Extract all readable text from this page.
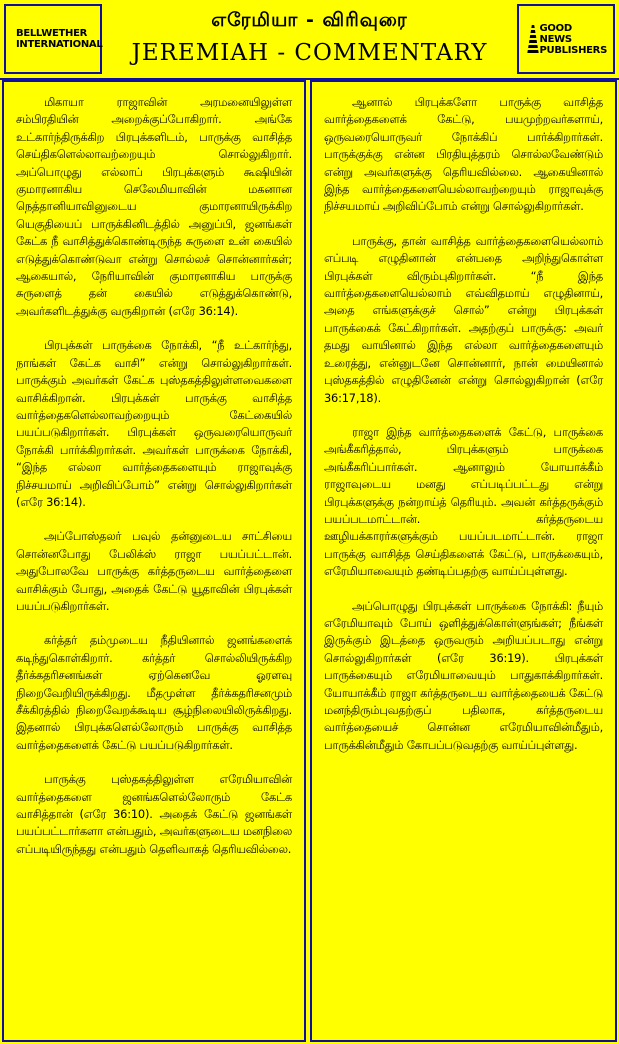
BELLWETHER
INTERNATIONAL
எரேமியா - விரிவுரை
JEREMIAH - COMMENTARY
GOOD NEWS
PUBLISHERS

மிகாயா ராஜாவின் அரமனையிலுள்ள சம்பிரதியின் அறைக்குப்போகிறார். அங்கே உட்கார்ந்திருக்கிற பிரபுக்களிடம், பாருக்கு வாசித்த செய்திகளெல்லாவற்றையும் சொல்லுகிறார். அப்பொழுது எல்லாப் பிரபுக்களும் கூஷியின் குமாரனாகிய செலேமியாவின் மகனான நெத்தானியாவினுடைய குமாரனாயிருக்கிற யெகுதியைப் பாருக்கினிடத்தில் அனுப்பி, ஜனங்கள் கேட்க நீ வாசித்துக்கொண்டிருந்த சுருளை உன் கையில் எடுத்துக்கொண்டுவா என்று சொல்லச் சொன்னார்கள்; ஆகையால், நேரியாவின் குமாரனாகிய பாருக்கு சுருளைத் தன் கையில் எடுத்துக்கொண்டு, அவர்களிடத்துக்கு வருகிறான் (எரே 36:14).

பிரபுக்கள் பாருக்கை நோக்கி, “நீ உட்கார்ந்து, நாங்கள் கேட்க வாசி” என்று சொல்லுகிறார்கள். பாருக்கும் அவர்கள் கேட்க புஸ்தகத்திலுள்ளவைகளை வாசிக்கிறான். பிரபுக்கள் பாருக்கு வாசித்த வார்த்தைகளெல்லாவற்றையும் கேட்கையில் பயப்படுகிறார்கள். பிரபுக்கள் ஒருவரையொருவர் நோக்கி பார்க்கிறார்கள். அவர்கள் பாருக்கை நோக்கி, “இந்த எல்லா வார்த்தைகளையும் ராஜாவுக்கு நிச்சயமாய் அறிவிப்போம்” என்று சொல்லுகிறார்கள் (எரே 36:14).

அப்போஸ்தலர் பவுல் தன்னுடைய சாட்சியை சொன்னபோது பேலிக்ஸ் ராஜா பயப்பட்டான். அதுபோலவே பாருக்கு கர்த்தருடைய வார்த்தைளை வாசிக்கும் போது, அதைக் கேட்டு யூதாவின் பிரபுக்கள் பயப்படுகிறார்கள்.

கர்த்தர் தம்முடைய நீதியினால் ஜனங்களைக் கடிந்துகொள்கிறார். கர்த்தர் சொல்லியிருக்கிற தீர்க்கதரிசனங்கள் ஏற்கெனவே ஓரளவு நிறைவேறியிருக்கிறது. மீதமுள்ள தீர்க்கதரிசனமும் சீக்கிரத்தில் நிறைவேறக்கூடிய சூழ்நிலையிலிருக்கிறது. இதனால் பிரபுக்களெல்லோரும் பாருக்கு வாசித்த வார்த்தைகளைக் கேட்டு பயப்படுகிறார்கள்.

பாருக்கு புஸ்தகத்திலுள்ள எரேமியாவின் வார்த்தைகளை ஜனங்களெல்லோரும் கேட்க வாசித்தான் (எரே 36:10). அதைக் கேட்டு ஜனங்கள் பயப்பட்டார்களா என்பதும், அவர்களுடைய மனநிலை எப்படியிருந்தது என்பதும் தெளிவாகத் தெரியவில்லை.

ஆனால் பிரபுக்களோ பாருக்கு வாசித்த வார்த்தைகளைக் கேட்டு, பயமுற்றவர்களாய், ஒருவரையொருவர் நோக்கிப் பார்க்கிறார்கள். பாருக்குக்கு என்ன பிரதியுத்தரம் சொல்லவேண்டும் என்று அவர்களுக்கு தெரியவில்லை. ஆகையினால் இந்த வார்த்தைகளையெல்லாவற்றையும் ராஜாவுக்கு நிச்சயமாய் அறிவிப்போம் என்று சொல்லுகிறார்கள்.

பாருக்கு, தான் வாசித்த வார்த்தைகளையெல்லாம் எப்படி எழுதினான் என்பதை அறிந்துகொள்ள பிரபுக்கள் விரும்புகிறார்கள். “நீ இந்த வார்த்தைகளையெல்லாம் எவ்விதமாய் எழுதினாய், அதை எங்களுக்குச் சொல்” என்று பிரபுக்கள் பாருக்கைக் கேட்கிறார்கள். அதற்குப் பாருக்கு: அவர் தமது வாயினால் இந்த எல்லா வார்த்தைகளையும் உரைத்து, என்னுடனே சொன்னார், நான் மையினால் புஸ்தகத்தில் எழுதினேன் என்று சொல்லுகிறான் (எரே 36:17,18).

ராஜா இந்த வார்த்தைகளைக் கேட்டு, பாருக்கை அங்கீகரித்தால், பிரபுக்களும் பாருக்கை அங்கீகரிப்பார்கள். ஆனாலும் யோயாக்கீம் ராஜாவுடைய மனது எப்படிப்பட்டது என்று பிரபுக்களுக்கு நன்றாய்த் தெரியும். அவன் கர்த்தருக்கும் பயப்படமாட்டான். கர்த்தருடைய ஊழியக்காரர்களுக்கும் பயப்படமாட்டான். ராஜா பாருக்கு வாசித்த செய்திகளைக் கேட்டு, பாருக்கையும், எரேமியாவையும் தண்டிப்பதற்கு வாய்ப்புள்ளது.

அப்பொழுது பிரபுக்கள் பாருக்கை நோக்கி: நீயும் எரேமியாவும் போய் ஒளித்துக்கொள்ளுங்கள்; நீங்கள் இருக்கும் இடத்தை ஒருவரும் அறியப்படாது என்று சொல்லுகிறார்கள் (எரே 36:19). பிரபுக்கள் பாருக்கையும் எரேமியாவையும் பாதுகாக்கிறார்கள். யோயாக்கீம் ராஜா கர்த்தருடைய வார்த்தையைக் கேட்டு மனந்திரும்புவதற்குப் பதிலாக, கர்த்தருடைய வார்த்தையைச் சொன்ன எரேமியாவின்மீதும், பாருக்கின்மீதும் கோபப்படுவதற்கு வாய்ப்புள்ளது.
